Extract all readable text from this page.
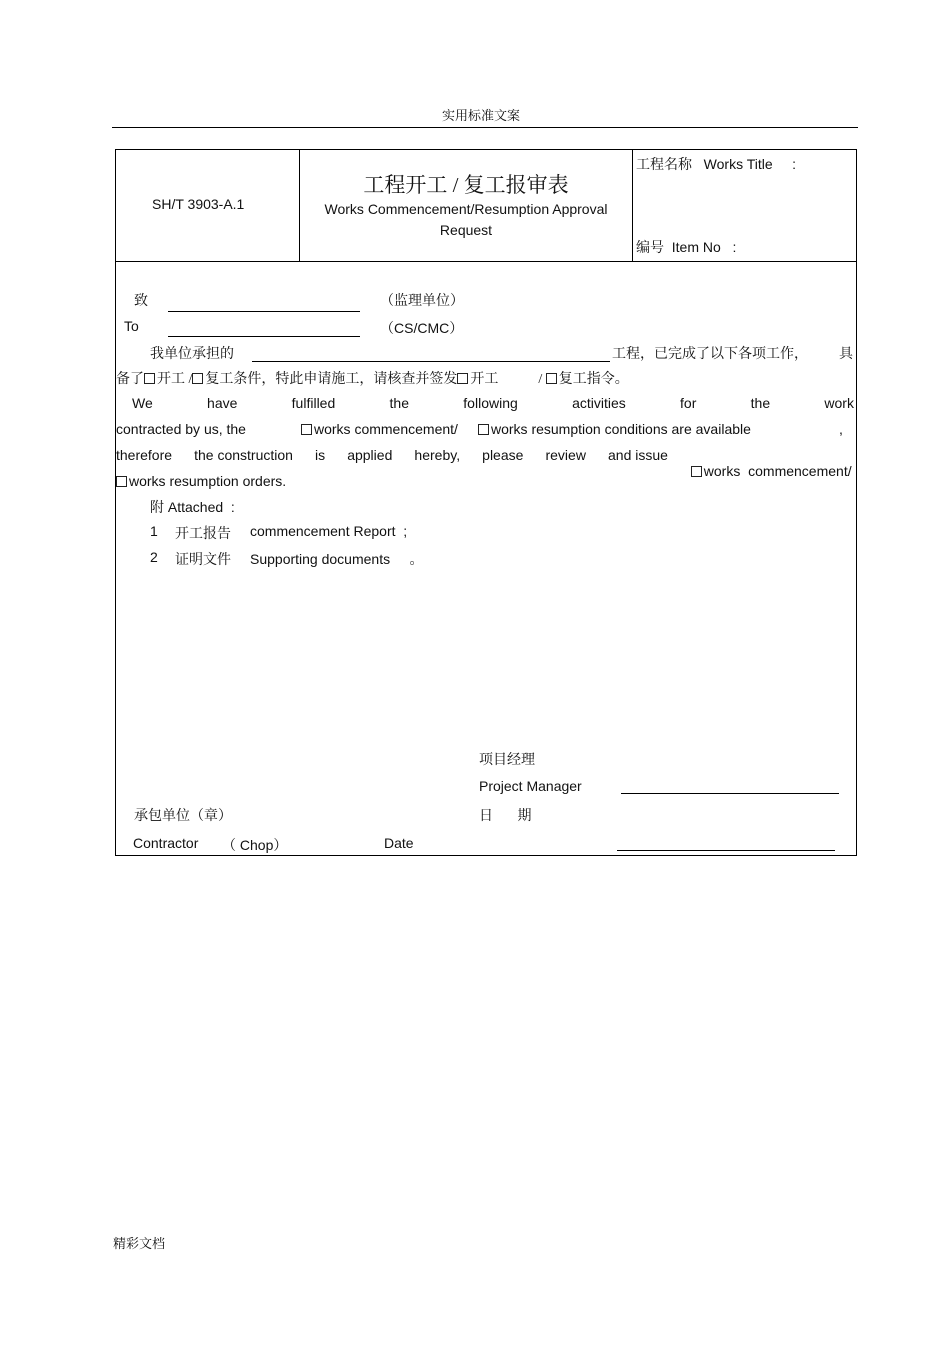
实用标准文案
SH/T 3903-A.1
工程开工 / 复工报审表
Works Commencement/Resumption Approval
Request
工程名称   Works Title     :
编号  Item No   :
致	（监理单位）
To	（CS/CMC）
我单位承担的	工程，已完成了以下各项工作， 具
备了 开工 / 复工条件，特此申请施工，请核查并签发 开工	/ 复工指令。
We	have	fulfilled	the	following	activities	for	the	work
contracted by us, the	works commencement/	works resumption conditions are available	,
therefore the construction is applied hereby, please review and issue

works  commencement/

works resumption orders.
附 Attached  :
1 开工报告 commencement Report  ;
2 证明文件 Supporting documents     。
项目经理
Project Manager
承包单位（章）	日       期
Contractor （ Chop）	Date
精彩文档
